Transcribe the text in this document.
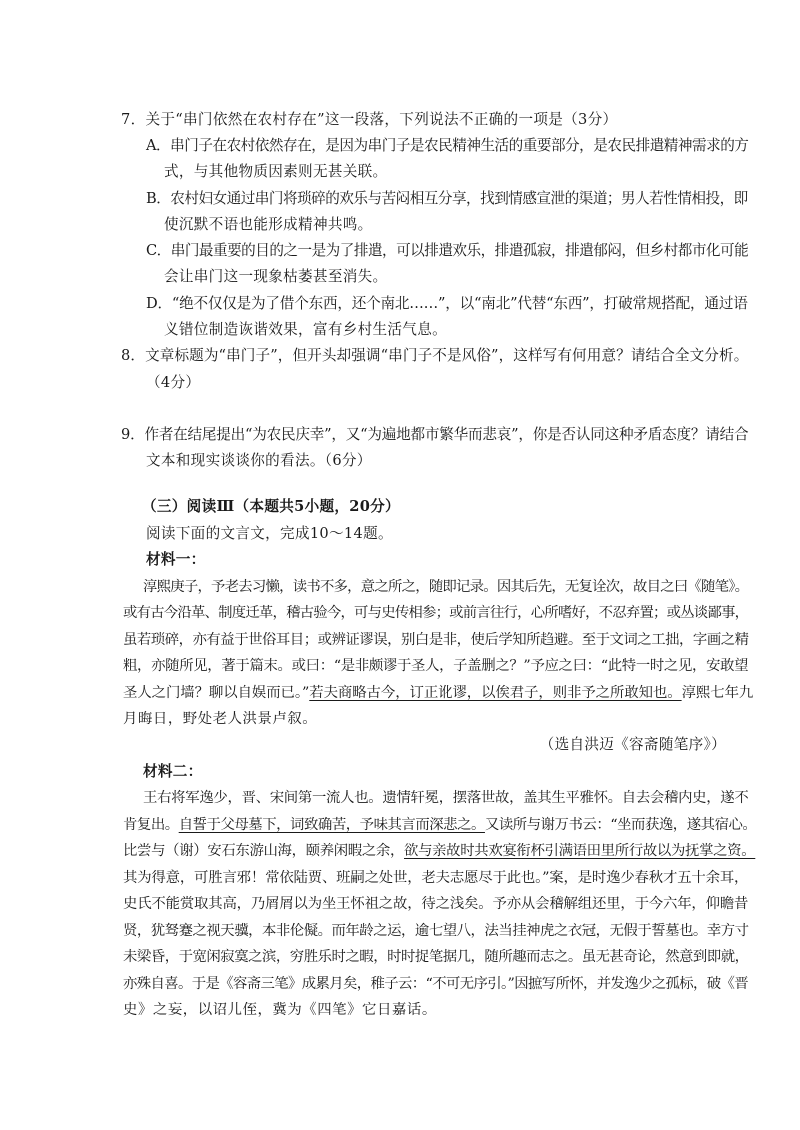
7．关于“串门依然在农村存在”这一段落，下列说法不正确的一项是（3分）
A．串门子在农村依然存在，是因为串门子是农民精神生活的重要部分，是农民排遣精神需求的方
式，与其他物质因素则无甚关联。
B．农村妇女通过串门将琐碎的欢乐与苦闷相互分享，找到情感宣泄的渠道；男人若性情相投，即
使沉默不语也能形成精神共鸣。
C．串门最重要的目的之一是为了排遣，可以排遣欢乐，排遣孤寂，排遣郁闷，但乡村都市化可能
会让串门这一现象枯萎甚至消失。
D．“绝不仅仅是为了借个东西，还个南北……”，以“南北”代替“东西”，打破常规搭配，通过语
义错位制造诙谐效果，富有乡村生活气息。
8．文章标题为“串门子”，但开头却强调“串门子不是风俗”，这样写有何用意？请结合全文分析。
（4分）
9．作者在结尾提出“为农民庆幸”，又“为遍地都市繁华而悲哀”，你是否认同这种矛盾态度？请结合
文本和现实谈谈你的看法。（6分）
（三）阅读Ⅲ（本题共5小题，20分）
阅读下面的文言文，完成10～14题。
材料一：
淳熙庚子，予老去习懒，读书不多，意之所之，随即记录。因其后先，无复诠次，故目之曰《随笔》。
或有古今沿革、制度迁革，稽古验今，可与史传相参；或前言往行，心所嗜好，不忍弃置；或丛谈鄙事，
虽若琐碎，亦有益于世俗耳目；或辨证谬误，别白是非，使后学知所趋避。至于文词之工拙，字画之精
粗，亦随所见，著于篇末。或曰：“是非颇谬于圣人，子盖删之？”予应之曰：“此特一时之见，安敢望
圣人之门墙？聊以自娱而已。”若夫商略古今，订正讹谬，以俟君子，则非予之所敢知也。淳熙七年九
月晦日，野处老人洪景卢叙。
（选自洪迈《容斋随笔序》）
材料二：
王右将军逸少，晋、宋间第一流人也。遗情轩冕，摆落世故，盖其生平雅怀。自去会稽内史，遂不
肯复出。自誓于父母墓下，词致确苦，予味其言而深悲之。又读所与谢万书云：“坐而获逸，遂其宿心。
比尝与（谢）安石东游山海，颐养闲暇之余，欲与亲故时共欢宴衔杯引满语田里所行故以为抚掌之资。
其为得意，可胜言邪！常依陆贾、班嗣之处世，老夫志愿尽于此也。”案，是时逸少春秋才五十余耳，
史氏不能赏取其高，乃屑屑以为坐王怀祖之故，待之浅矣。予亦从会稽解组还里，于今六年，仰瞻昔
贤，犹驽蹇之视天骥，本非伦儗。而年龄之运，逾七望八，法当挂神虎之衣冠，无假于誓墓也。幸方寸
未梁昏，于宽闲寂寞之滨，穷胜乐时之暇，时时捉笔据几，随所趣而志之。虽无甚奇论，然意到即就，
亦殊自喜。于是《容斋三笔》成累月矣，稚子云：“不可无序引。”因摭写所怀，并发逸少之孤标，破《晋
史》之妄，以诏儿侄，冀为《四笔》它日嘉话。
